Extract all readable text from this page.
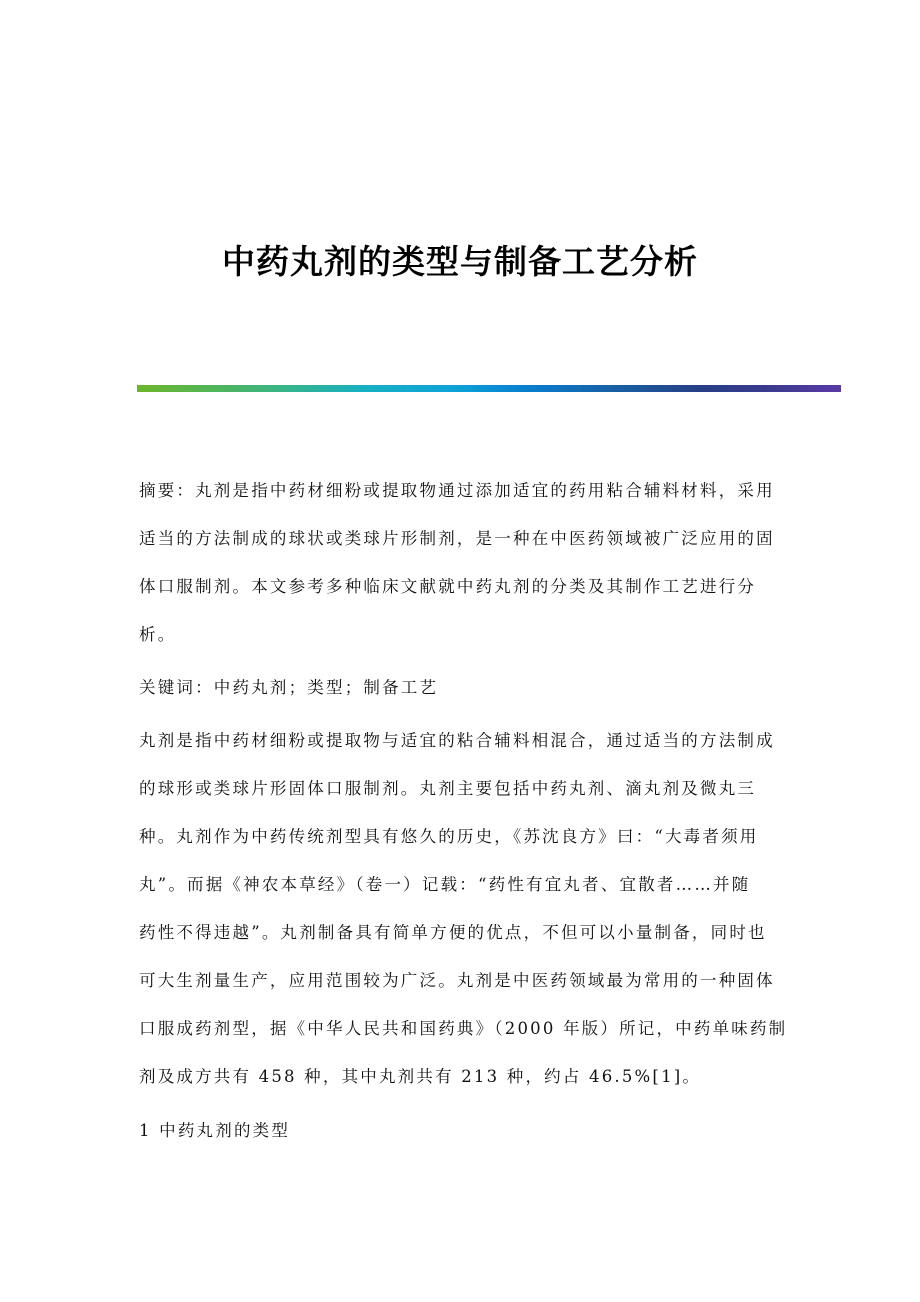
中药丸剂的类型与制备工艺分析

摘要：丸剂是指中药材细粉或提取物通过添加适宜的药用粘合辅料材料，采用
适当的方法制成的球状或类球片形制剂，是一种在中医药领域被广泛应用的固
体口服制剂。本文参考多种临床文献就中药丸剂的分类及其制作工艺进行分
析。

关键词：中药丸剂；类型；制备工艺

丸剂是指中药材细粉或提取物与适宜的粘合辅料相混合，通过适当的方法制成
的球形或类球片形固体口服制剂。丸剂主要包括中药丸剂、滴丸剂及微丸三
种。丸剂作为中药传统剂型具有悠久的历史，《苏沈良方》曰：“大毒者须用
丸”。而据《神农本草经》（卷一）记载：“药性有宜丸者、宜散者……并随
药性不得违越”。丸剂制备具有简单方便的优点，不但可以小量制备，同时也
可大生剂量生产，应用范围较为广泛。丸剂是中医药领域最为常用的一种固体
口服成药剂型，据《中华人民共和国药典》（2000 年版）所记，中药单味药制
剂及成方共有 458 种，其中丸剂共有 213 种，约占 46.5%[1]。

1 中药丸剂的类型
